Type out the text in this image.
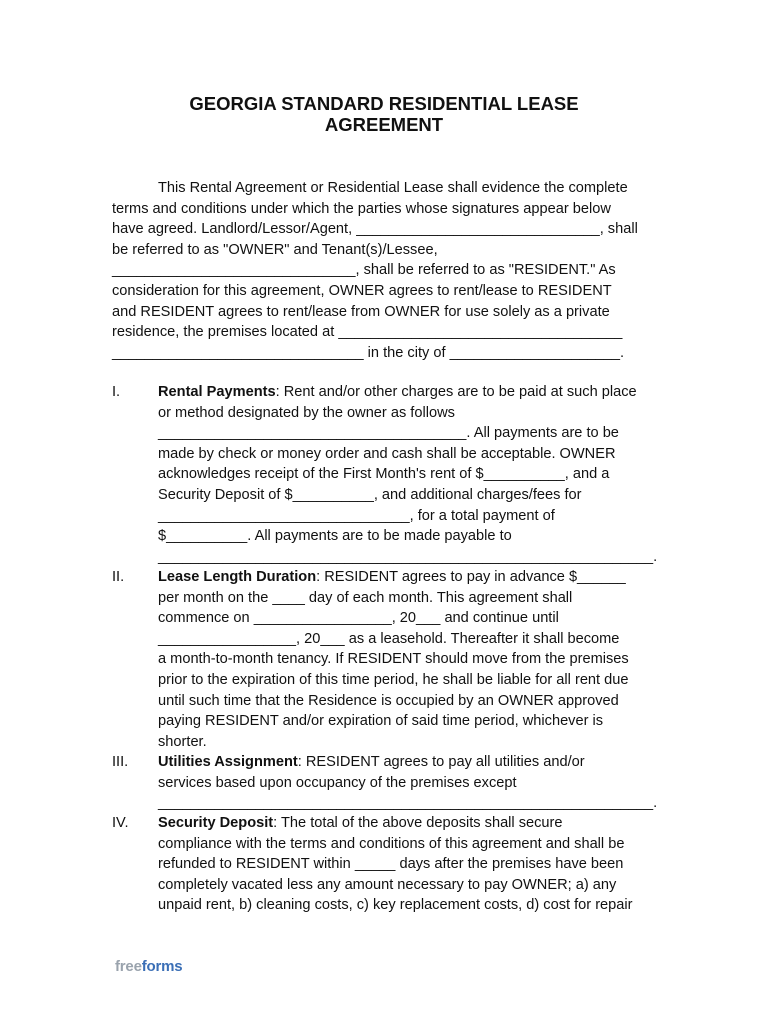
GEORGIA STANDARD RESIDENTIAL LEASE
AGREEMENT
This Rental Agreement or Residential Lease shall evidence the complete
terms and conditions under which the parties whose signatures appear below
have agreed. Landlord/Lessor/Agent, ______________________________, shall
be referred to as "OWNER" and Tenant(s)/Lessee,
______________________________, shall be referred to as "RESIDENT." As
consideration for this agreement, OWNER agrees to rent/lease to RESIDENT
and RESIDENT agrees to rent/lease from OWNER for use solely as a private
residence, the premises located at ___________________________________
_______________________________ in the city of _____________________.
I.	Rental Payments: Rent and/or other charges are to be paid at such place
or method designated by the owner as follows
______________________________________. All payments are to be
made by check or money order and cash shall be acceptable. OWNER
acknowledges receipt of the First Month's rent of $__________, and a
Security Deposit of $__________, and additional charges/fees for
_______________________________, for a total payment of
$__________. All payments are to be made payable to
_____________________________________________________________.
II. Lease Length Duration: RESIDENT agrees to pay in advance $______
per month on the ____ day of each month. This agreement shall
commence on _________________, 20___ and continue until
_________________, 20___ as a leasehold. Thereafter it shall become
a month-to-month tenancy. If RESIDENT should move from the premises
prior to the expiration of this time period, he shall be liable for all rent due
until such time that the Residence is occupied by an OWNER approved
paying RESIDENT and/or expiration of said time period, whichever is
shorter.
III. Utilities Assignment: RESIDENT agrees to pay all utilities and/or
services based upon occupancy of the premises except
_____________________________________________________________.
IV. Security Deposit: The total of the above deposits shall secure
compliance with the terms and conditions of this agreement and shall be
refunded to RESIDENT within _____ days after the premises have been
completely vacated less any amount necessary to pay OWNER; a) any
unpaid rent, b) cleaning costs, c) key replacement costs, d) cost for repair
freeforms
